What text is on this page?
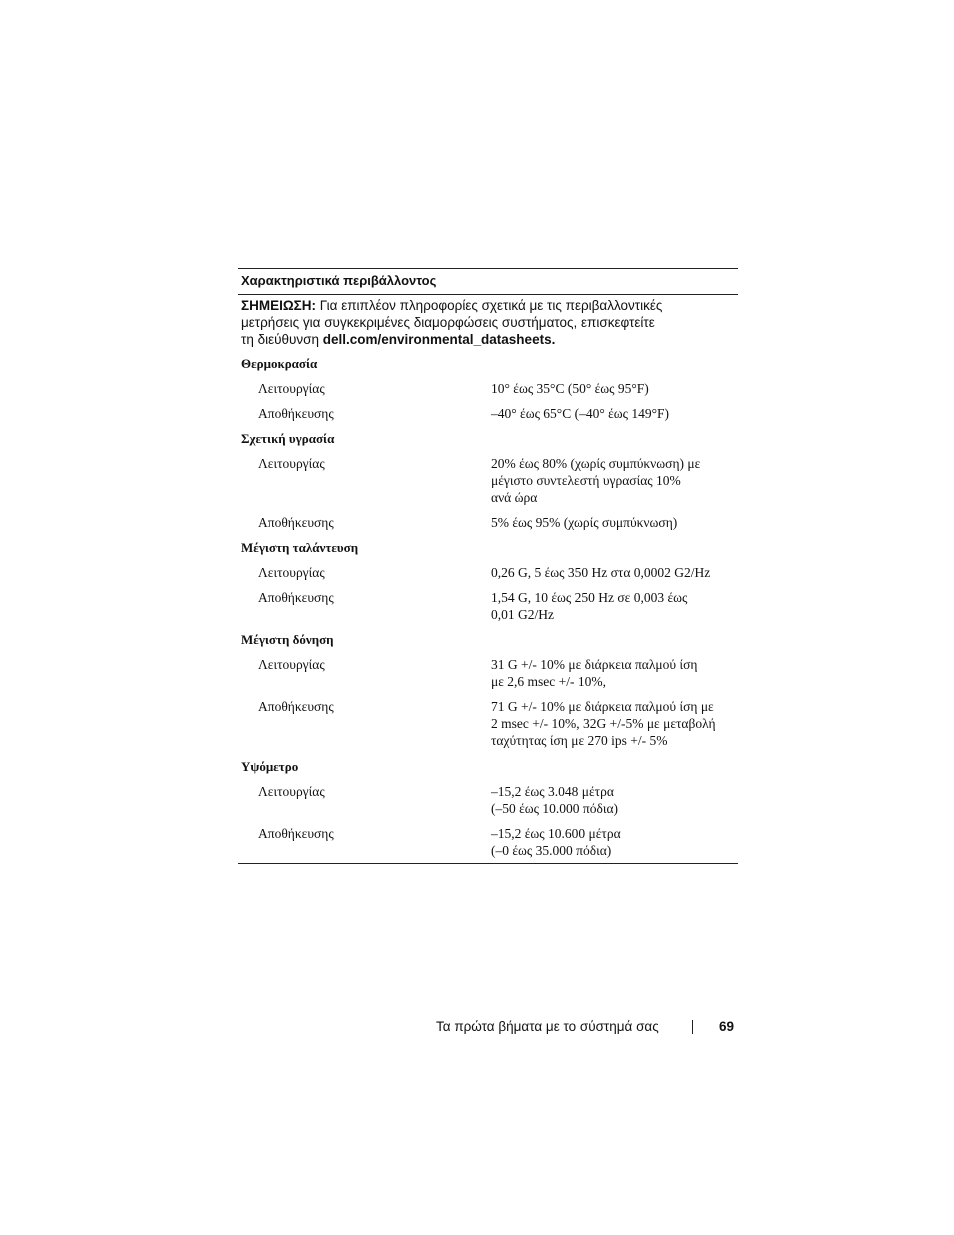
Χαρακτηριστικά περιβάλλοντος
ΣΗΜΕΙΩΣΗ: Για επιπλέον πληροφορίες σχετικά με τις περιβαλλοντικές
μετρήσεις για συγκεκριμένες διαμορφώσεις συστήματος, επισκεφτείτε
τη διεύθυνση dell.com/environmental_datasheets.
Θερμοκρασία
Λειτουργίας	10° έως 35°C (50° έως 95°F)
Αποθήκευσης	–40° έως 65°C (–40° έως 149°F)
Σχετική υγρασία
Λειτουργίας	20% έως 80% (χωρίς συμπύκνωση) με
μέγιστο συντελεστή υγρασίας 10%
ανά ώρα
Αποθήκευσης	5% έως 95% (χωρίς συμπύκνωση)
Μέγιστη ταλάντευση
Λειτουργίας	0,26 G, 5 έως 350 Hz στα 0,0002 G2/Hz
Αποθήκευσης	1,54 G, 10 έως 250 Hz σε 0,003 έως
0,01 G2/Hz
Μέγιστη δόνηση
Λειτουργίας	31 G +/- 10% με διάρκεια παλμού ίση
με 2,6 msec +/- 10%,
Αποθήκευσης	71 G +/- 10% με διάρκεια παλμού ίση με
2 msec +/- 10%, 32G +/-5% με μεταβολή
ταχύτητας ίση με 270 ips +/- 5%
Υψόμετρο
Λειτουργίας	–15,2 έως 3.048 μέτρα
(–50 έως 10.000 πόδια)
Αποθήκευσης	–15,2 έως 10.600 μέτρα
(–0 έως 35.000 πόδια)
Τα πρώτα βήματα με το σύστημά σας	69
